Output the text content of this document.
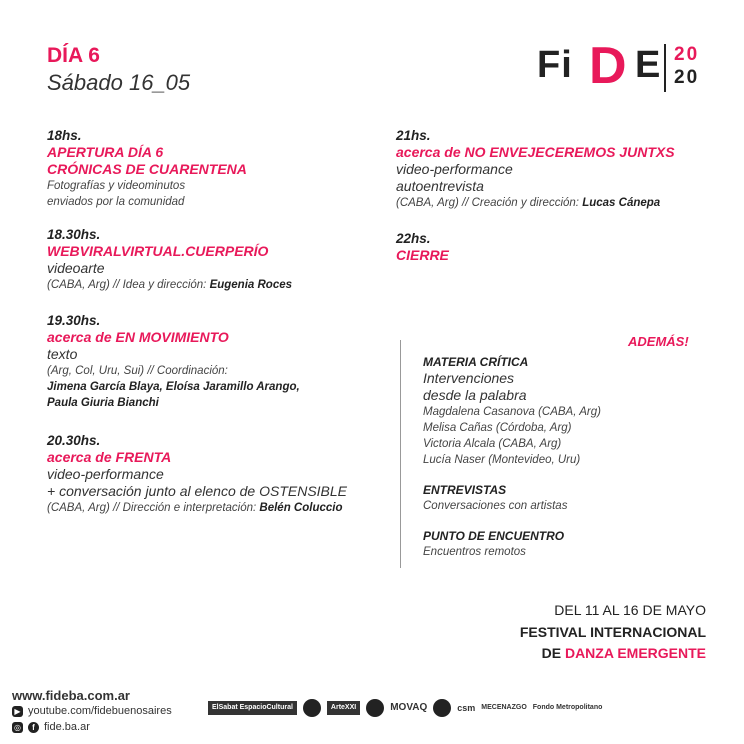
DÍA 6
Sábado 16_05	Fi D E 20
20
18hs.
APERTURA DÍA 6
CRÓNICAS DE CUARENTENA
Fotografías y videominutos
enviados por la comunidad
18.30hs.
WEBVIRALVIRTUAL.CUERPERÍO
videoarte
(CABA, Arg) // Idea y dirección: Eugenia Roces
19.30hs.
acerca de EN MOVIMIENTO
texto
(Arg, Col, Uru, Sui) // Coordinación:
Jimena García Blaya, Eloísa Jaramillo Arango,
Paula Giuria Bianchi
20.30hs.
acerca de FRENTA
video-performance
+ conversación junto al elenco de OSTENSIBLE
(CABA, Arg) // Dirección e interpretación: Belén Coluccio
21hs.
acerca de NO ENVEJECEREMOS JUNTXS
video-performance
autoentrevista
(CABA, Arg) // Creación y dirección: Lucas Cánepa
22hs.
CIERRE
ADEMÁS!
MATERIA CRÍTICA
Intervenciones
desde la palabra
Magdalena Casanova (CABA, Arg)
Melisa Cañas (Córdoba, Arg)
Victoria Alcala (CABA, Arg)
Lucía Naser (Montevideo, Uru)
ENTREVISTAS
Conversaciones con artistas
PUNTO DE ENCUENTRO
Encuentros remotos
DEL 11 AL 16 DE MAYO
FESTIVAL INTERNACIONAL
DE DANZA EMERGENTE
www.fideba.com.ar
▶ youtube.com/fidebuenosaires
◎	f fide.ba.ar
ElSabat EspacioCultural	ArteXXI	MOVAQ	csm MECENAZGO Fondo Metropolitano
